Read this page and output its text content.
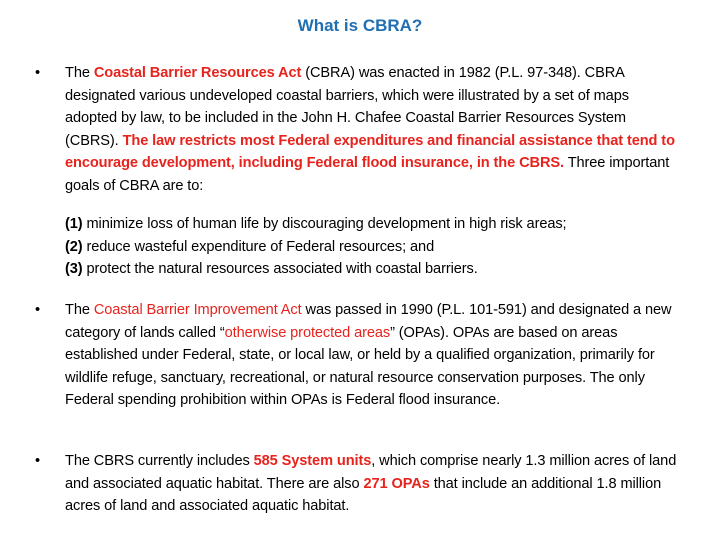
What is CBRA?
• The Coastal Barrier Resources Act (CBRA) was enacted in 1982 (P.L. 97-348). CBRA designated various undeveloped coastal barriers, which were illustrated by a set of maps adopted by law, to be included in the John H. Chafee Coastal Barrier Resources System (CBRS). The law restricts most Federal expenditures and financial assistance that tend to encourage development, including Federal flood insurance, in the CBRS. Three important goals of CBRA are to:
(1) minimize loss of human life by discouraging development in high risk areas;
(2) reduce wasteful expenditure of Federal resources; and
(3) protect the natural resources associated with coastal barriers.
• The Coastal Barrier Improvement Act was passed in 1990 (P.L. 101-591) and designated a new category of lands called “otherwise protected areas” (OPAs). OPAs are based on areas established under Federal, state, or local law, or held by a qualified organization, primarily for wildlife refuge, sanctuary, recreational, or natural resource conservation purposes. The only Federal spending prohibition within OPAs is Federal flood insurance.
• The CBRS currently includes 585 System units, which comprise nearly 1.3 million acres of land and associated aquatic habitat. There are also 271 OPAs that include an additional 1.8 million acres of land and associated aquatic habitat.
